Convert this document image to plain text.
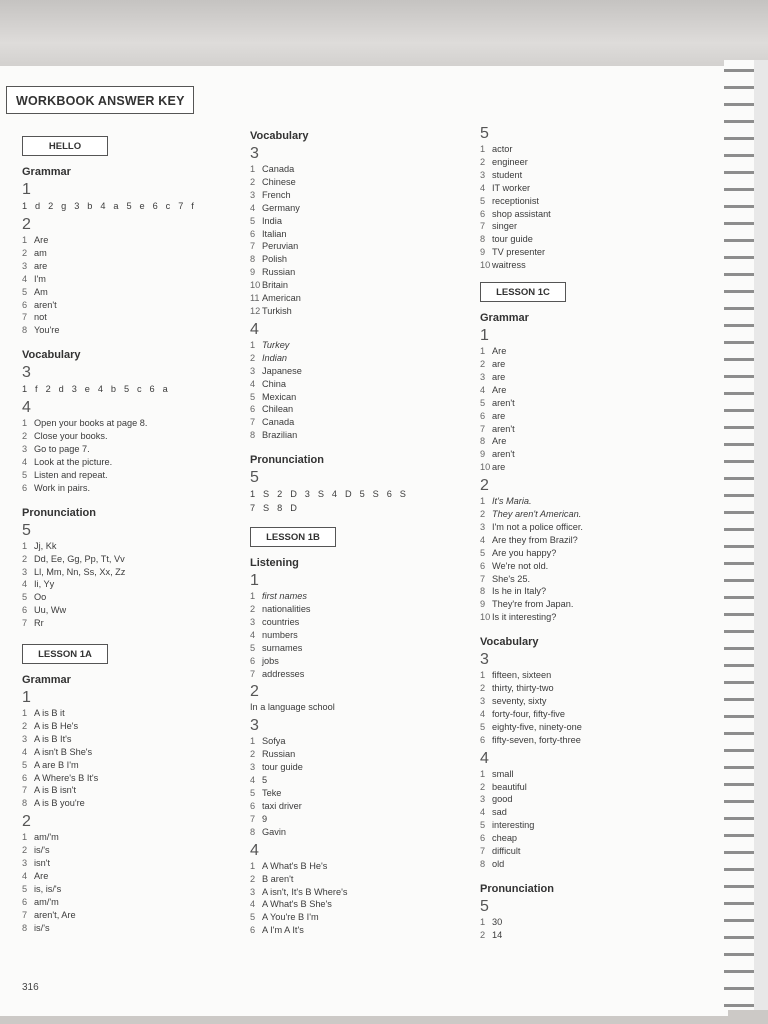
WORKBOOK ANSWER KEY
HELLO
Grammar
1
1 d 2 g 3 b 4 a 5 e 6 c 7 f
2
1 Are
2 am
3 are
4 I'm
5 Am
6 aren't
7 not
8 You're
Vocabulary
3
1 f 2 d 3 e 4 b 5 c 6 a
4
1 Open your books at page 8.
2 Close your books.
3 Go to page 7.
4 Look at the picture.
5 Listen and repeat.
6 Work in pairs.
Pronunciation
5
1 Jj, Kk
2 Dd, Ee, Gg, Pp, Tt, Vv
3 Ll, Mm, Nn, Ss, Xx, Zz
4 Ii, Yy
5 Oo
6 Uu, Ww
7 Rr
LESSON 1A
Grammar
1
1 A is B it
2 A is B He's
3 A is B It's
4 A isn't B She's
5 A are B I'm
6 A Where's B It's
7 A is B isn't
8 A is B you're
2
1 am/'m
2 is/'s
3 isn't
4 Are
5 is, is/'s
6 am/'m
7 aren't, Are
8 is/'s
Vocabulary
3
1 Canada
2 Chinese
3 French
4 Germany
5 India
6 Italian
7 Peruvian
8 Polish
9 Russian
10 Britain
11 American
12 Turkish
4
1 Turkey
2 Indian
3 Japanese
4 China
5 Mexican
6 Chilean
7 Canada
8 Brazilian
Pronunciation
5
1 S 2 D 3 S 4 D 5 S 6 S
7 S 8 D
LESSON 1B
Listening
1
1 first names
2 nationalities
3 countries
4 numbers
5 surnames
6 jobs
7 addresses
2
In a language school
3
1 Sofya
2 Russian
3 tour guide
4 5
5 Teke
6 taxi driver
7 9
8 Gavin
4
1 A What's B He's
2 B aren't
3 A isn't, It's B Where's
4 A What's B She's
5 A You're B I'm
6 A I'm A It's
5
1 actor
2 engineer
3 student
4 IT worker
5 receptionist
6 shop assistant
7 singer
8 tour guide
9 TV presenter
10 waitress
LESSON 1C
Grammar
1
1 Are
2 are
3 are
4 Are
5 aren't
6 are
7 aren't
8 Are
9 aren't
10 are
2
1 It's Maria.
2 They aren't American.
3 I'm not a police officer.
4 Are they from Brazil?
5 Are you happy?
6 We're not old.
7 She's 25.
8 Is he in Italy?
9 They're from Japan.
10 Is it interesting?
Vocabulary
3
1 fifteen, sixteen
2 thirty, thirty-two
3 seventy, sixty
4 forty-four, fifty-five
5 eighty-five, ninety-one
6 fifty-seven, forty-three
4
1 small
2 beautiful
3 good
4 sad
5 interesting
6 cheap
7 difficult
8 old
Pronunciation
5
1 30
2 14
316
